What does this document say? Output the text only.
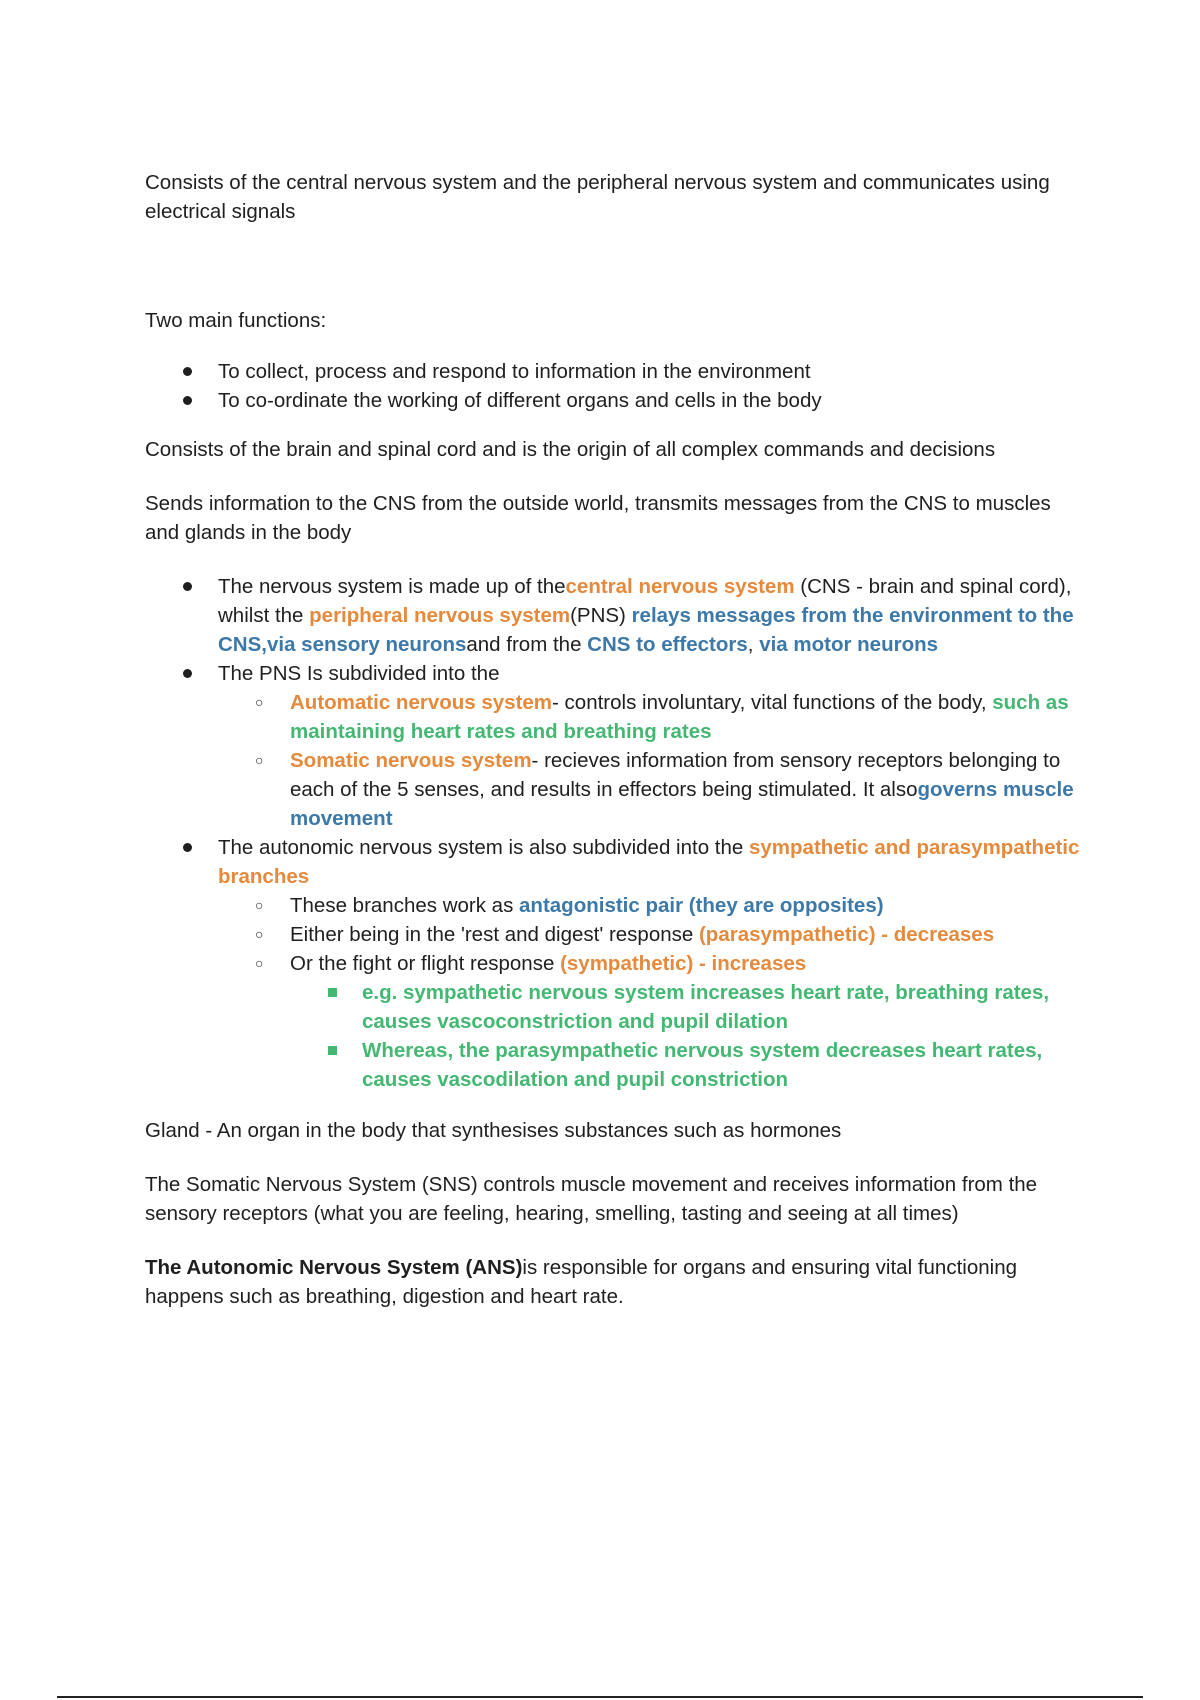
Consists of the central nervous system and the peripheral nervous system and communicates using electrical signals

Two main functions:

To collect, process and respond to information in the environment
To co-ordinate the working of different organs and cells in the body

Consists of the brain and spinal cord and is the origin of all complex commands and decisions

Sends information to the CNS from the outside world, transmits messages from the CNS to muscles and glands in the body

The nervous system is made up of thecentral nervous system (CNS - brain and spinal cord), whilst the peripheral nervous system(PNS) relays messages from the environment to the CNS,via sensory neuronsand from the CNS to effectors, via motor neurons
The PNS Is subdivided into the
○ Automatic nervous system- controls involuntary, vital functions of the body, such as maintaining heart rates and breathing rates
○ Somatic nervous system- recieves information from sensory receptors belonging to each of the 5 senses, and results in effectors being stimulated. It alsogoverns muscle movement
The autonomic nervous system is also subdivided into the sympathetic and parasympathetic branches
○ These branches work as antagonistic pair (they are opposites)
○ Either being in the 'rest and digest' response (parasympathetic) - decreases
○ Or the fight or flight response (sympathetic) - increases
e.g. sympathetic nervous system increases heart rate, breathing rates, causes vascoconstriction and pupil dilation
Whereas, the parasympathetic nervous system decreases heart rates, causes vascodilation and pupil constriction

Gland - An organ in the body that synthesises substances such as hormones

The Somatic Nervous System (SNS) controls muscle movement and receives information from the sensory receptors (what you are feeling, hearing, smelling, tasting and seeing at all times)

The Autonomic Nervous System (ANS)is responsible for organs and ensuring vital functioning happens such as breathing, digestion and heart rate.
